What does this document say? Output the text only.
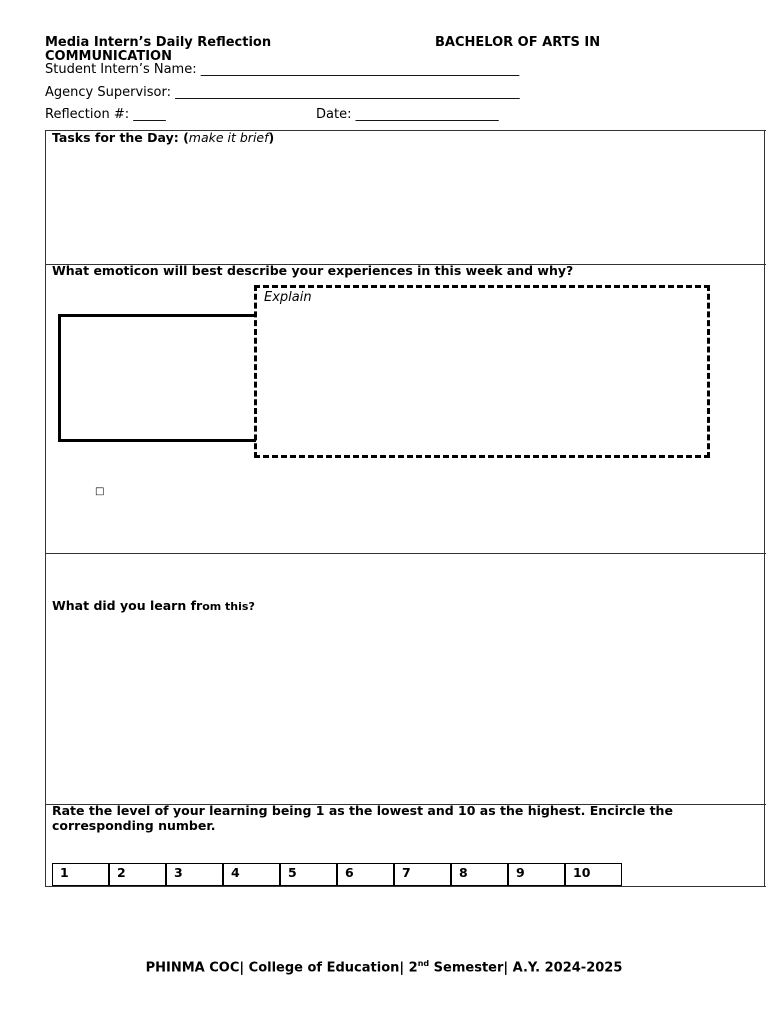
Media Intern’s Daily Reflection	BACHELOR OF ARTS IN
COMMUNICATION
Student Intern’s Name: _________________________________________________
Agency Supervisor: _____________________________________________________
Reflection #: _____	Date: ______________________
Tasks for the Day: (make it brief)
What emoticon will best describe your experiences in this week and why?
Explain
□
What did you learn from this?
Rate the level of your learning being 1 as the lowest and 10 as the highest. Encircle the corresponding number.
1	2	3	4	5	6	7	8	9	10
PHINMA COC| College of Education| 2nd Semester| A.Y. 2024-2025
